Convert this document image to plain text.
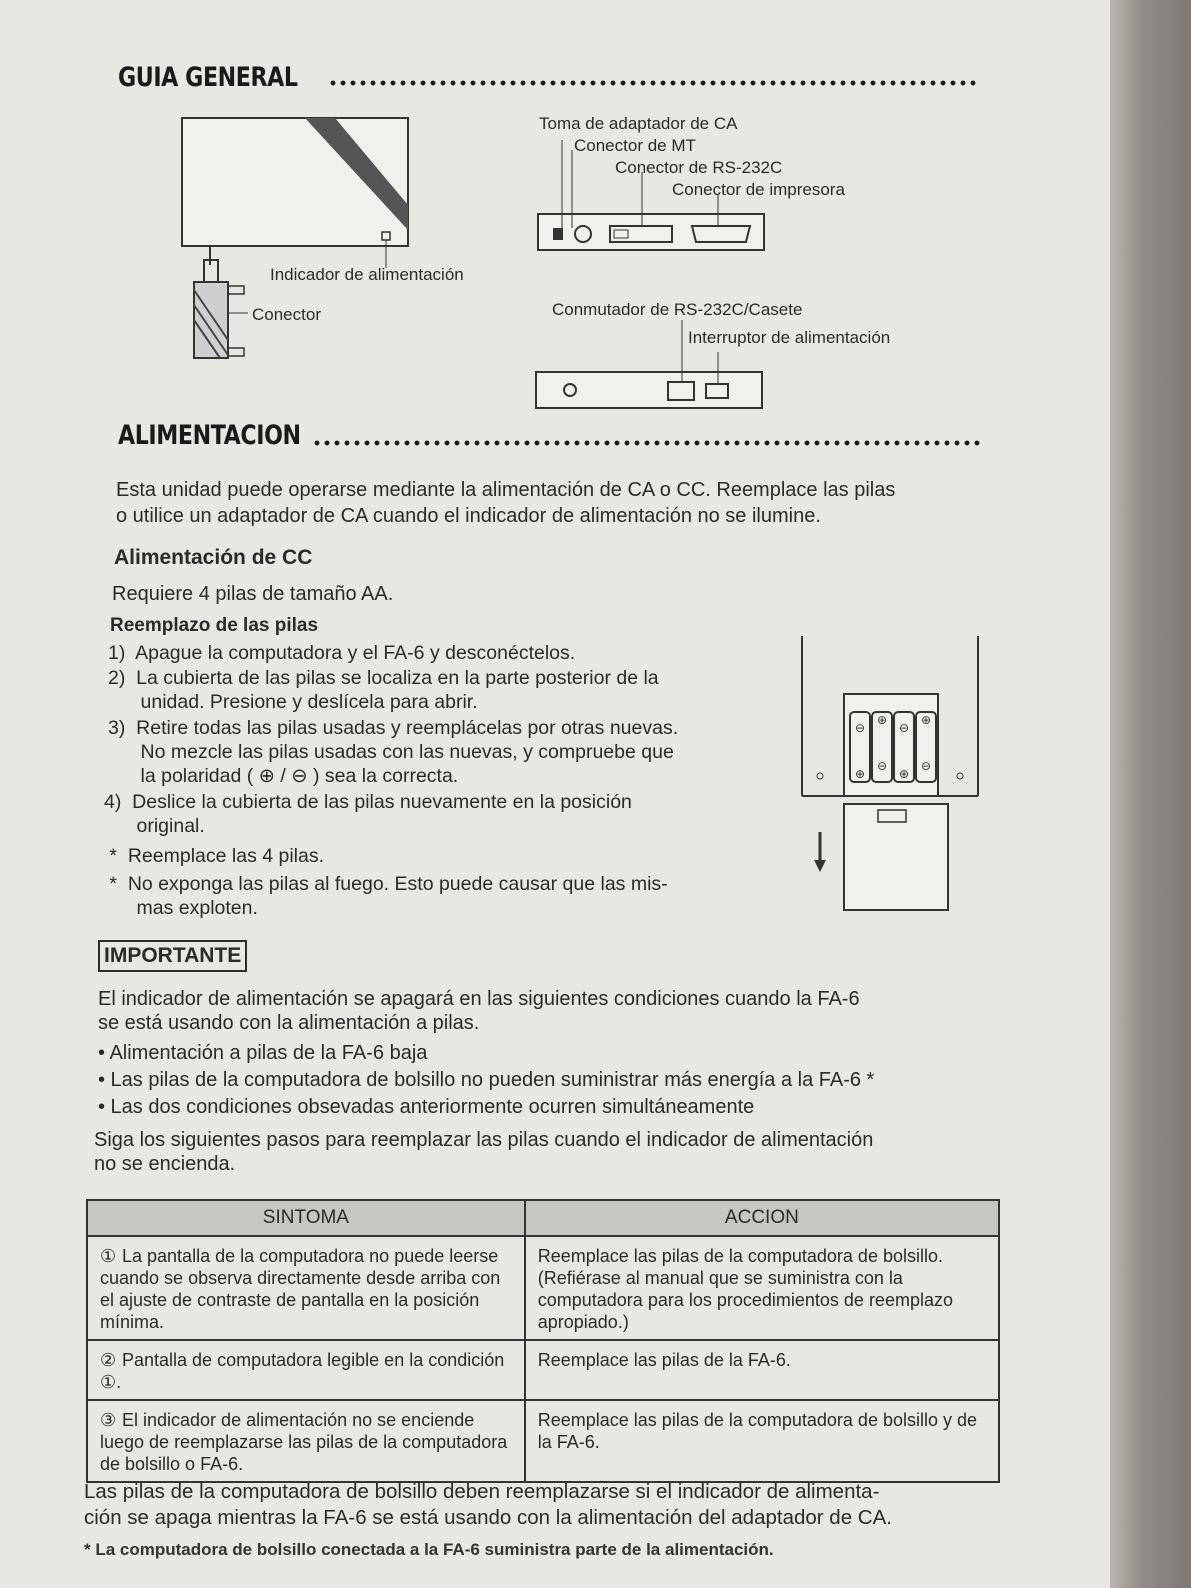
GUIA GENERAL
Toma de adaptador de CA
Conector de MT
Conector de RS-232C
Conector de impresora
Indicador de alimentación
Conector	Conmutador de RS-232C/Casete
Interruptor de alimentación
ALIMENTACION
Esta unidad puede operarse mediante la alimentación de CA o CC. Reemplace las pilas
o utilice un adaptador de CA cuando el indicador de alimentación no se ilumine.
Alimentación de CC
Requiere 4 pilas de tamaño AA.
Reemplazo de las pilas
1)  Apague la computadora y el FA-6 y desconéctelos.
2)  La cubierta de las pilas se localiza en la parte posterior de la
unidad. Presione y deslícela para abrir.
3)  Retire todas las pilas usadas y reemplácelas por otras nuevas.
No mezcle las pilas usadas con las nuevas, y compruebe que
la polaridad ( ⊕ / ⊖ ) sea la correcta.
4)  Deslice la cubierta de las pilas nuevamente en la posición
original.
*  Reemplace las 4 pilas.
*  No exponga las pilas al fuego. Esto puede causar que las mis-
mas exploten.
⊖
⊕
⊖
⊕
⊕
⊖
⊕
⊖
IMPORTANTE
El indicador de alimentación se apagará en las siguientes condiciones cuando la FA-6
se está usando con la alimentación a pilas.
• Alimentación a pilas de la FA-6 baja
• Las pilas de la computadora de bolsillo no pueden suministrar más energía a la FA-6 *
• Las dos condiciones obsevadas anteriormente ocurren simultáneamente
Siga los siguientes pasos para reemplazar las pilas cuando el indicador de alimentación
no se encienda.
SINTOMA	ACCION
① La pantalla de la computadora no puede leerse cuando se observa directamente desde arriba con el ajuste de contraste de pantalla en la posición mínima.	Reemplace las pilas de la computadora de bolsillo. (Refiérase al manual que se suministra con la computadora para los procedimientos de reemplazo apropiado.)
② Pantalla de computadora legible en la condición ①.	Reemplace las pilas de la FA-6.
③ El indicador de alimentación no se enciende luego de reemplazarse las pilas de la computadora de bolsillo o FA-6.	Reemplace las pilas de la computadora de bolsillo y de la FA-6.
Las pilas de la computadora de bolsillo deben reemplazarse si el indicador de alimenta-
ción se apaga mientras la FA-6 se está usando con la alimentación del adaptador de CA.
* La computadora de bolsillo conectada a la FA-6 suministra parte de la alimentación.
